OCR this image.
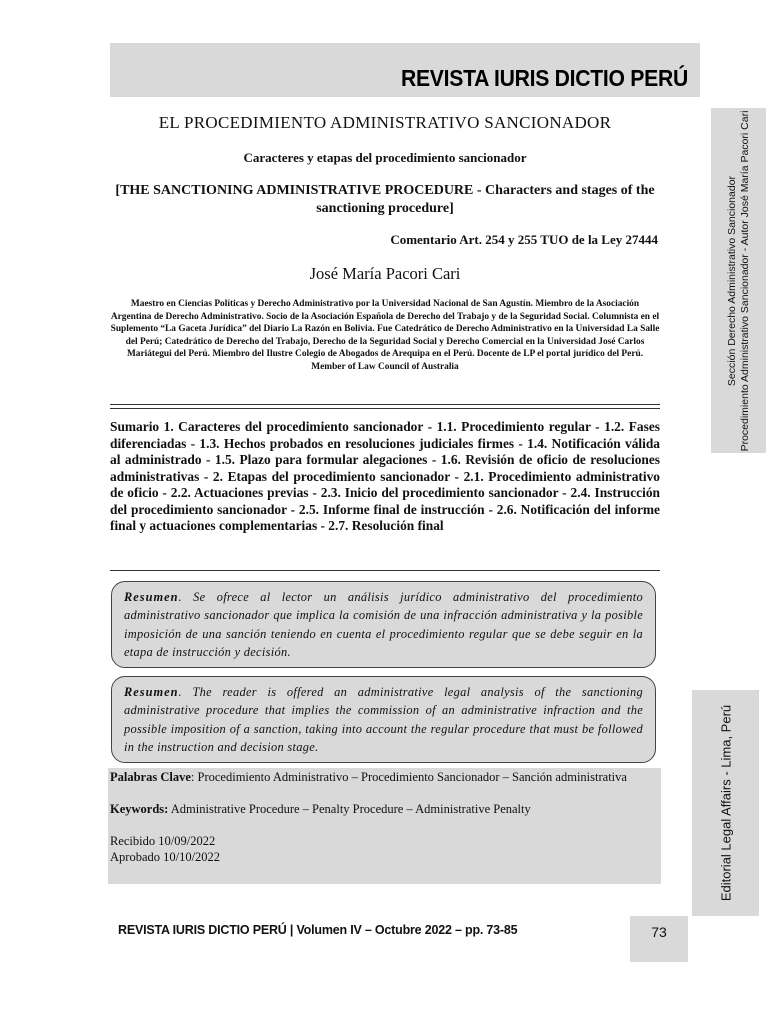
REVISTA IURIS DICTIO PERÚ
Sección Derecho Administrativo Sancionador Procedimiento Administrativo Sancionador - Autor José María Pacori Cari
Editorial Legal Affairs - Lima, Perú
EL PROCEDIMIENTO ADMINISTRATIVO SANCIONADOR
Caracteres y etapas del procedimiento sancionador
[THE SANCTIONING ADMINISTRATIVE PROCEDURE - Characters and stages of the sanctioning procedure]
Comentario Art. 254 y 255 TUO de la Ley 27444
José María Pacori Cari
Maestro en Ciencias Políticas y Derecho Administrativo por la Universidad Nacional de San Agustín. Miembro de la Asociación Argentina de Derecho Administrativo. Socio de la Asociación Española de Derecho del Trabajo y de la Seguridad Social. Columnista en el Suplemento “La Gaceta Jurídica” del Diario La Razón en Bolivia. Fue Catedrático de Derecho Administrativo en la Universidad La Salle del Perú; Catedrático de Derecho del Trabajo, Derecho de la Seguridad Social y Derecho Comercial en la Universidad José Carlos Mariátegui del Perú. Miembro del Ilustre Colegio de Abogados de Arequipa en el Perú. Docente de LP el portal jurídico del Perú. Member of Law Council of Australia
Sumario 1. Caracteres del procedimiento sancionador - 1.1. Procedimiento regular - 1.2. Fases diferenciadas - 1.3. Hechos probados en resoluciones judiciales firmes - 1.4. Notificación válida al administrado - 1.5. Plazo para formular alegaciones - 1.6. Revisión de oficio de resoluciones administrativas - 2. Etapas del procedimiento sancionador - 2.1. Procedimiento administrativo de oficio - 2.2. Actuaciones previas - 2.3. Inicio del procedimiento sancionador - 2.4. Instrucción del procedimiento sancionador - 2.5. Informe final de instrucción - 2.6. Notificación del informe final y actuaciones complementarias - 2.7. Resolución final
Resumen. Se ofrece al lector un análisis jurídico administrativo del procedimiento administrativo sancionador que implica la comisión de una infracción administrativa y la posible imposición de una sanción teniendo en cuenta el procedimiento regular que se debe seguir en la etapa de instrucción y decisión.
Resumen. The reader is offered an administrative legal analysis of the sanctioning administrative procedure that implies the commission of an administrative infraction and the possible imposition of a sanction, taking into account the regular procedure that must be followed in the instruction and decision stage.

Palabras Clave: Procedimiento Administrativo – Procedimiento Sancionador – Sanción administrativa

Keywords: Administrative Procedure – Penalty Procedure – Administrative Penalty

Recibido 10/09/2022

Aprobado 10/10/2022

REVISTA IURIS DICTIO PERÚ | Volumen IV – Octubre 2022 – pp. 73-85	73
